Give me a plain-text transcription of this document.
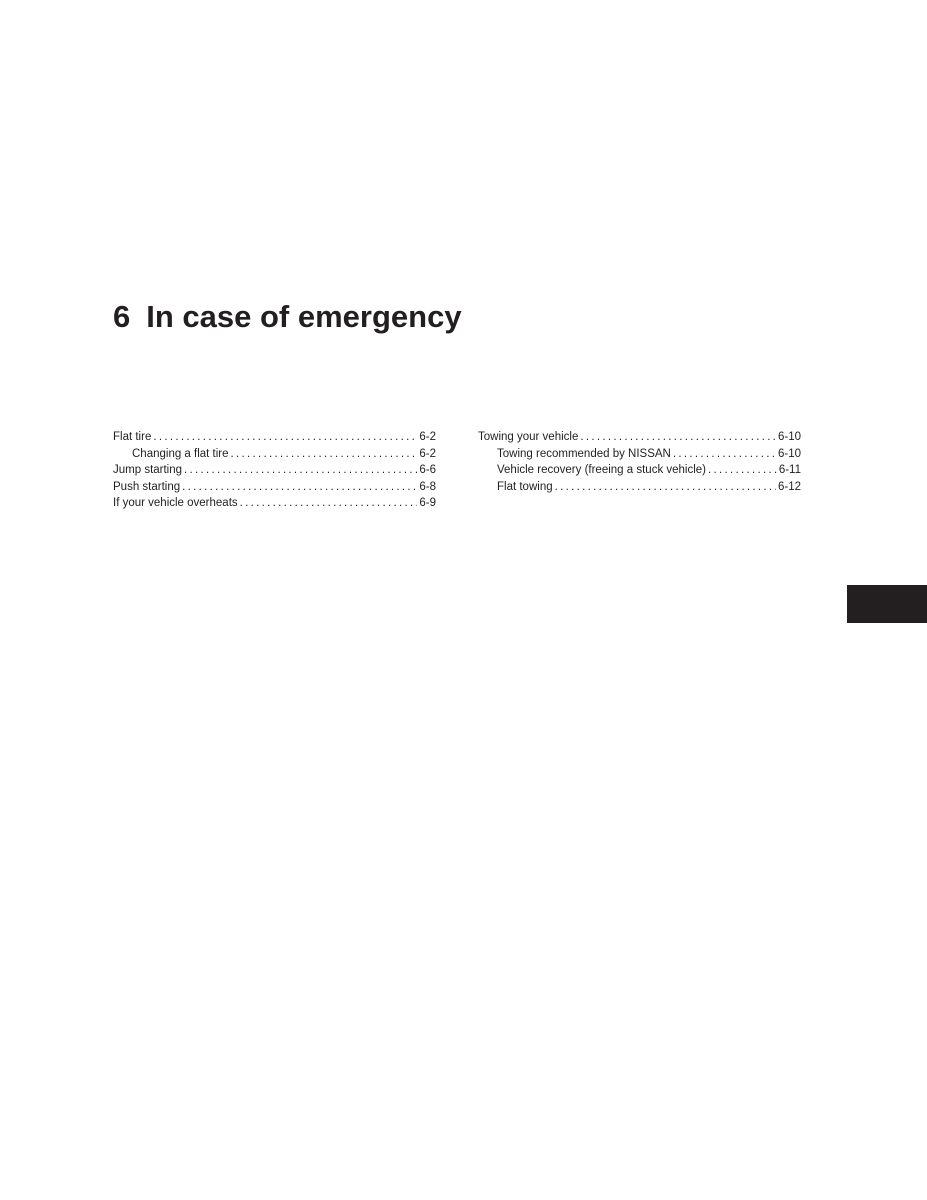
6 In case of emergency
Flat tire .....	6-2
Changing a flat tire .....	6-2
Jump starting .....	6-6
Push starting .....	6-8
If your vehicle overheats .....	6-9
Towing your vehicle .....	6-10
Towing recommended by NISSAN .....	6-10
Vehicle recovery (freeing a stuck vehicle) .....	6-11
Flat towing .....	6-12
